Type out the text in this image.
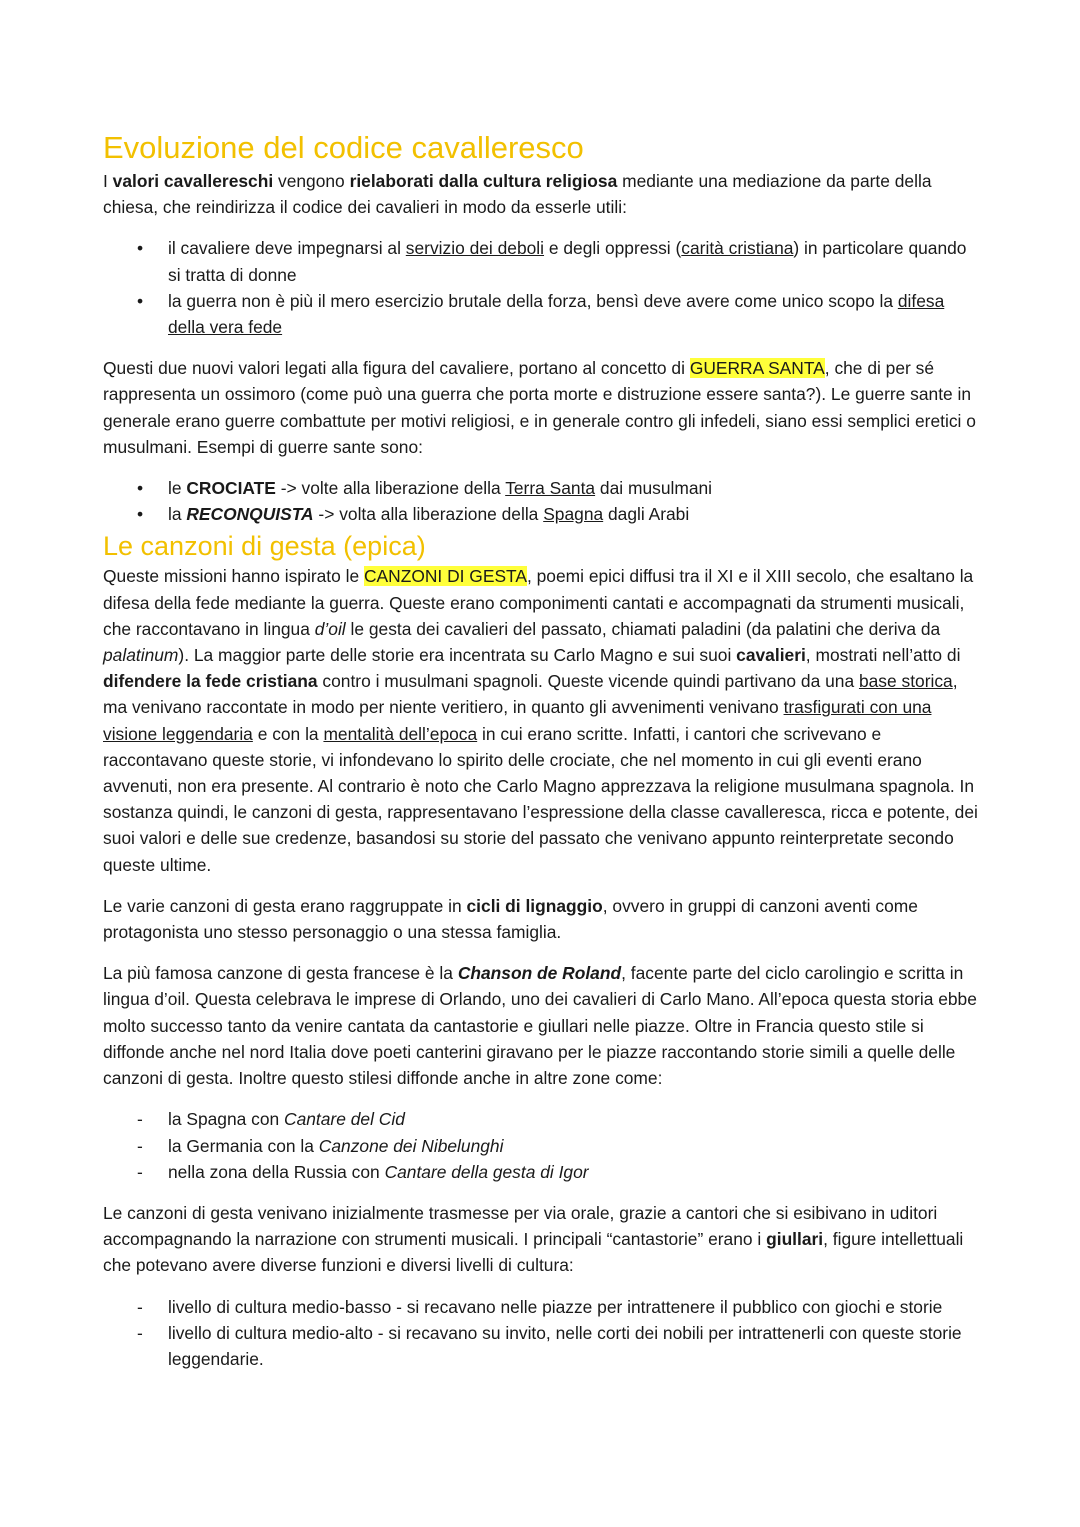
Evoluzione del codice cavalleresco

I valori cavallereschi vengono rielaborati dalla cultura religiosa mediante una mediazione da parte della chiesa, che reindirizza il codice dei cavalieri in modo da esserle utili:

• il cavaliere deve impegnarsi al servizio dei deboli e degli oppressi (carità cristiana) in particolare quando si tratta di donne
• la guerra non è più il mero esercizio brutale della forza, bensì deve avere come unico scopo la difesa della vera fede

Questi due nuovi valori legati alla figura del cavaliere, portano al concetto di GUERRA SANTA, che di per sé rappresenta un ossimoro (come può una guerra che porta morte e distruzione essere santa?). Le guerre sante in generale erano guerre combattute per motivi religiosi, e in generale contro gli infedeli, siano essi semplici eretici o musulmani. Esempi di guerre sante sono:

• le CROCIATE -> volte alla liberazione della Terra Santa dai musulmani
• la RECONQUISTA -> volta alla liberazione della Spagna dagli Arabi
Le canzoni di gesta (epica)

Queste missioni hanno ispirato le CANZONI DI GESTA, poemi epici diffusi tra il XI e il XIII secolo, che esaltano la difesa della fede mediante la guerra. Queste erano componimenti cantati e accompagnati da strumenti musicali, che raccontavano in lingua d’oil le gesta dei cavalieri del passato, chiamati paladini (da palatini che deriva da palatinum). La maggior parte delle storie era incentrata su Carlo Magno e sui suoi cavalieri, mostrati nell’atto di difendere la fede cristiana contro i musulmani spagnoli. Queste vicende quindi partivano da una base storica, ma venivano raccontate in modo per niente veritiero, in quanto gli avvenimenti venivano trasfigurati con una visione leggendaria e con la mentalità dell’epoca in cui erano scritte. Infatti, i cantori che scrivevano e raccontavano queste storie, vi infondevano lo spirito delle crociate, che nel momento in cui gli eventi erano avvenuti, non era presente. Al contrario è noto che Carlo Magno apprezzava la religione musulmana spagnola. In sostanza quindi, le canzoni di gesta, rappresentavano l’espressione della classe cavalleresca, ricca e potente, dei suoi valori e delle sue credenze, basandosi su storie del passato che venivano appunto reinterpretate secondo queste ultime.

Le varie canzoni di gesta erano raggruppate in cicli di lignaggio, ovvero in gruppi di canzoni aventi come protagonista uno stesso personaggio o una stessa famiglia.

La più famosa canzone di gesta francese è la Chanson de Roland, facente parte del ciclo carolingio e scritta in lingua d’oil. Questa celebrava le imprese di Orlando, uno dei cavalieri di Carlo Mano. All’epoca questa storia ebbe molto successo tanto da venire cantata da cantastorie e giullari nelle piazze. Oltre in Francia questo stile si diffonde anche nel nord Italia dove poeti canterini giravano per le piazze raccontando storie simili a quelle delle canzoni di gesta. Inoltre questo stilesi diffonde anche in altre zone come:

- la Spagna con Cantare del Cid
- la Germania con la Canzone dei Nibelunghi
- nella zona della Russia con Cantare della gesta di Igor

Le canzoni di gesta venivano inizialmente trasmesse per via orale, grazie a cantori che si esibivano in uditori accompagnando la narrazione con strumenti musicali. I principali “cantastorie” erano i giullari, figure intellettuali che potevano avere diverse funzioni e diversi livelli di cultura:

- livello di cultura medio-basso - si recavano nelle piazze per intrattenere il pubblico con giochi e storie
- livello di cultura medio-alto - si recavano su invito, nelle corti dei nobili per intrattenerli con queste storie leggendarie.
